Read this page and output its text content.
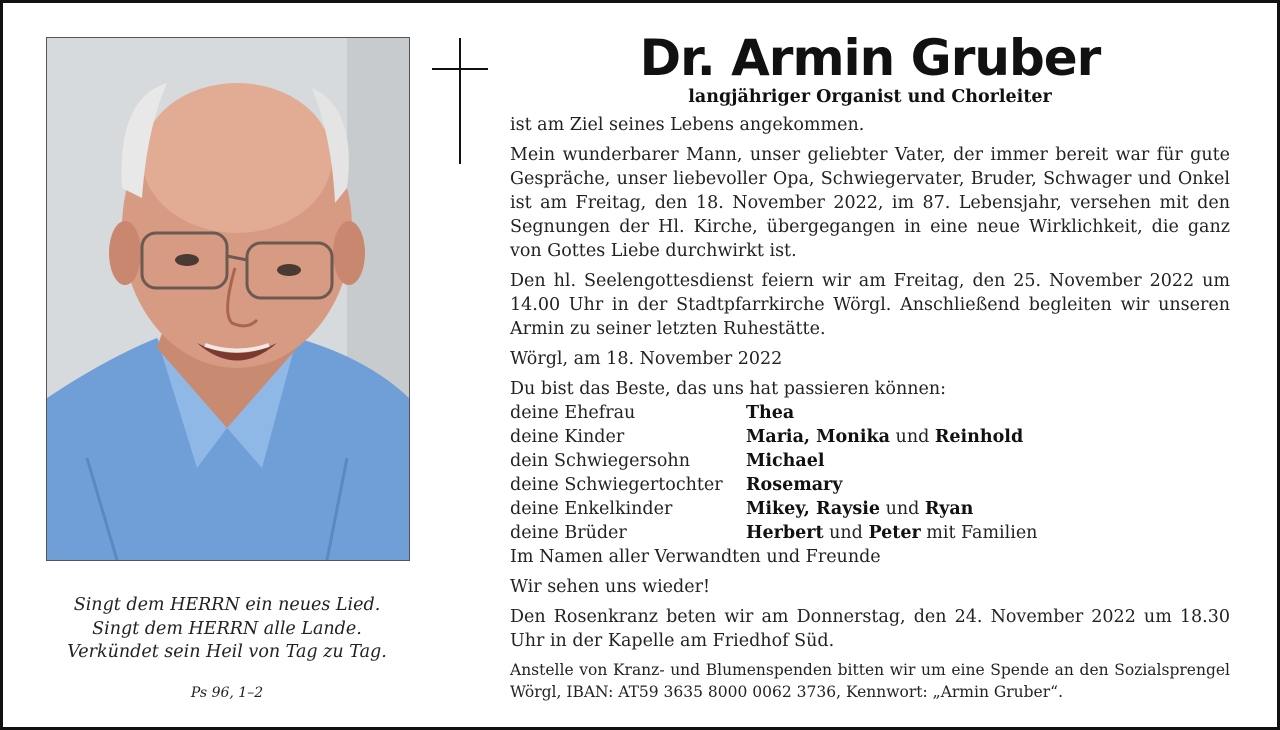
Singt dem HERRN ein neues Lied.
Singt dem HERRN alle Lande.
Verkündet sein Heil von Tag zu Tag.
Ps 96, 1–2
Dr. Armin Gruber
langjähriger Organist und Chorleiter

ist am Ziel seines Lebens angekommen.

Mein wunderbarer Mann, unser geliebter Vater, der immer bereit war für gute Gespräche, unser liebevoller Opa, Schwiegervater, Bruder, Schwager und Onkel ist am Freitag, den 18. November 2022, im 87. Lebensjahr, versehen mit den Segnungen der Hl. Kirche, übergegangen in eine neue Wirklichkeit, die ganz von Gottes Liebe durchwirkt ist.

Den hl. Seelengottesdienst feiern wir am Freitag, den 25. November 2022 um 14.00 Uhr in der Stadtpfarrkirche Wörgl. Anschließend begleiten wir unseren Armin zu seiner letzten Ruhestätte.

Wörgl, am 18. November 2022

Du bist das Beste, das uns hat passieren können:

deine Ehefrau	Thea
deine Kinder	Maria, Monika und Reinhold
dein Schwiegersohn	Michael
deine Schwiegertochter	Rosemary
deine Enkelkinder	Mikey, Raysie und Ryan
deine Brüder	Herbert und Peter mit Familien

Im Namen aller Verwandten und Freunde

Wir sehen uns wieder!

Den Rosenkranz beten wir am Donnerstag, den 24. November 2022 um 18.30 Uhr in der Kapelle am Friedhof Süd.

Anstelle von Kranz- und Blumenspenden bitten wir um eine Spende an den Sozialsprengel Wörgl, IBAN: AT59 3635 8000 0062 3736, Kennwort: „Armin Gruber“.
